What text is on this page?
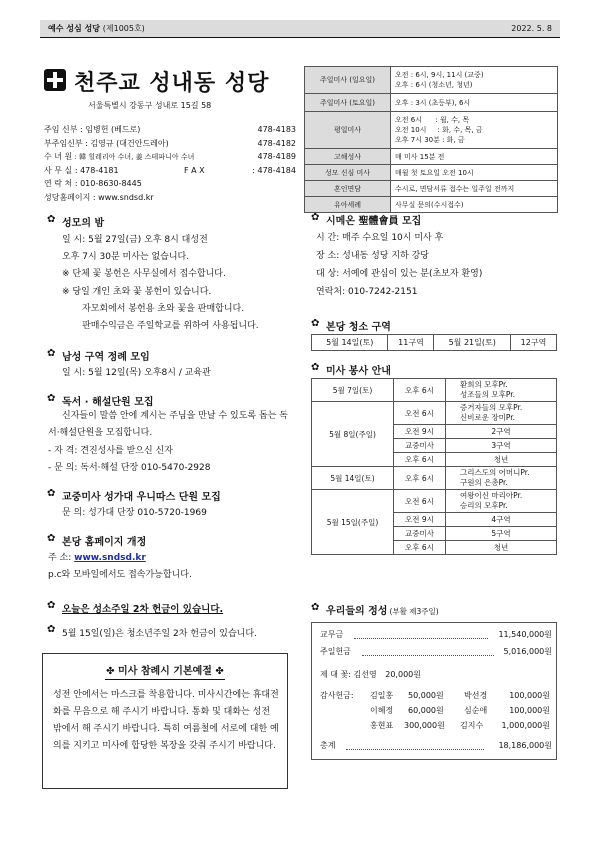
예수 성심 성당 (제1005호)	2022. 5. 8
천주교 성내동 성당
서울특별시 강동구 성내로 15길 58
주임 신부 : 임병헌 (베드로)	478-4183
부주임신부 : 김영규 (대건안드레아)	478-4182
수 녀 원 : 韓 힐레리아 수녀, 姜 스테파니아 수녀	478-4189
사 무 실 : 478-4181	F A X	: 478-4184
연 락 처 : 010-8630-8445
성당홈페이지 : www.sndsd.kr
주일미사 (일요일)	오전 : 6시, 9시, 11시 (교중)
오후 : 6시 (청소년, 청년)

주일미사 (토요일)	오후 : 3시 (초등부), 6시
평일미사	오전 6시      : 월, 수, 목
오전 10시     : 화, 수, 목, 금
오후 7시 30분 : 화, 금

고해성사	매 미사 15분 전
성모 신심 미사	매월 첫 토요일 오전 10시
혼인면담	수시로, 면담서류 접수는 일주일 전까지
유아세례	사무실 문의(수시접수)
✿성모의 밤
일 시: 5월 27일(금) 오후 8시 대성전
오후 7시 30분 미사는 없습니다.
※ 단체 꽃 봉헌은 사무실에서 접수합니다.
※ 당일 개인 초와 꽃 봉헌이 있습니다.
자모회에서 봉헌용 초와 꽃을 판매합니다.
판매수익금은 주일학교를 위하여 사용됩니다.
✿남성 구역 정례 모임
일 시: 5월 12일(목) 오후8시 / 교육관
✿독서 · 해설단원 모집
신자들이 말씀 안에 계시는 주님을 만날 수 있도록 돕는 독서·해설단원을 모집합니다.
- 자 격: 견진성사를 받으신 신자
- 문 의: 독서·해설 단장 010-5470-2928
✿교중미사 성가대 우니따스 단원 모집
문 의: 성가대 단장 010-5720-1969
✿본당 홈페이지 개정
주 소: www.sndsd.kr
p.c와 모바일에서도 접속가능합니다.
✿오늘은 성소주일 2차 헌금이 있습니다.
✿5월 15일(일)은 청소년주일 2차 헌금이 있습니다.
✤ 미사 참례시 기본예절 ✤
성전 안에서는 마스크를 착용합니다. 미사시간에는 휴대전화를 무음으로 해 주시기 바랍니다. 통화 및 대화는 성전 밖에서 해 주시기 바랍니다. 특히 여름철에 서로에 대한 예의를 지키고 미사에 합당한 복장을 갖춰 주시기 바랍니다.
✿시메온 聖體會員 모집
시 간: 매주 수요일 10시 미사 후
장 소: 성내동 성당 지하 강당
대 상: 서예에 관심이 있는 분(초보자 환영)
연락처: 010-7242-2151
✿본당 청소 구역
5월 14일(토)	11구역	5월 21일(토)	12구역
✿미사 봉사 안내
5월 7일(토)	오후 6시	환희의 모후Pr.
성조들의 모후Pr.
5월 8일(주일)	오전 6시	증거자들의 모후Pr.
신비로운 장미Pr.
	오전 9시	2구역
	교중미사	3구역
	오후 6시	청년
5월 14일(토)	오후 6시	그리스도의 어머니Pr.
구원의 은총Pr.
5월 15일(주일)	오전 6시	여왕이신 마리아Pr.
승리의 모후Pr.
	오전 9시	4구역
	교중미사	5구역
	오후 6시	청년
✿우리들의 정성 (부활 제3주일)
교무금	11,540,000원
주일헌금	5,016,000원
제 대 꽃: 김선영 20,000원
감사헌금: 김일홍 50,000원	박선경	100,000원
이혜정 60,000원	심순애	100,000원
홍현표 300,000원 김지수 1,000,000원
총계	18,186,000원
